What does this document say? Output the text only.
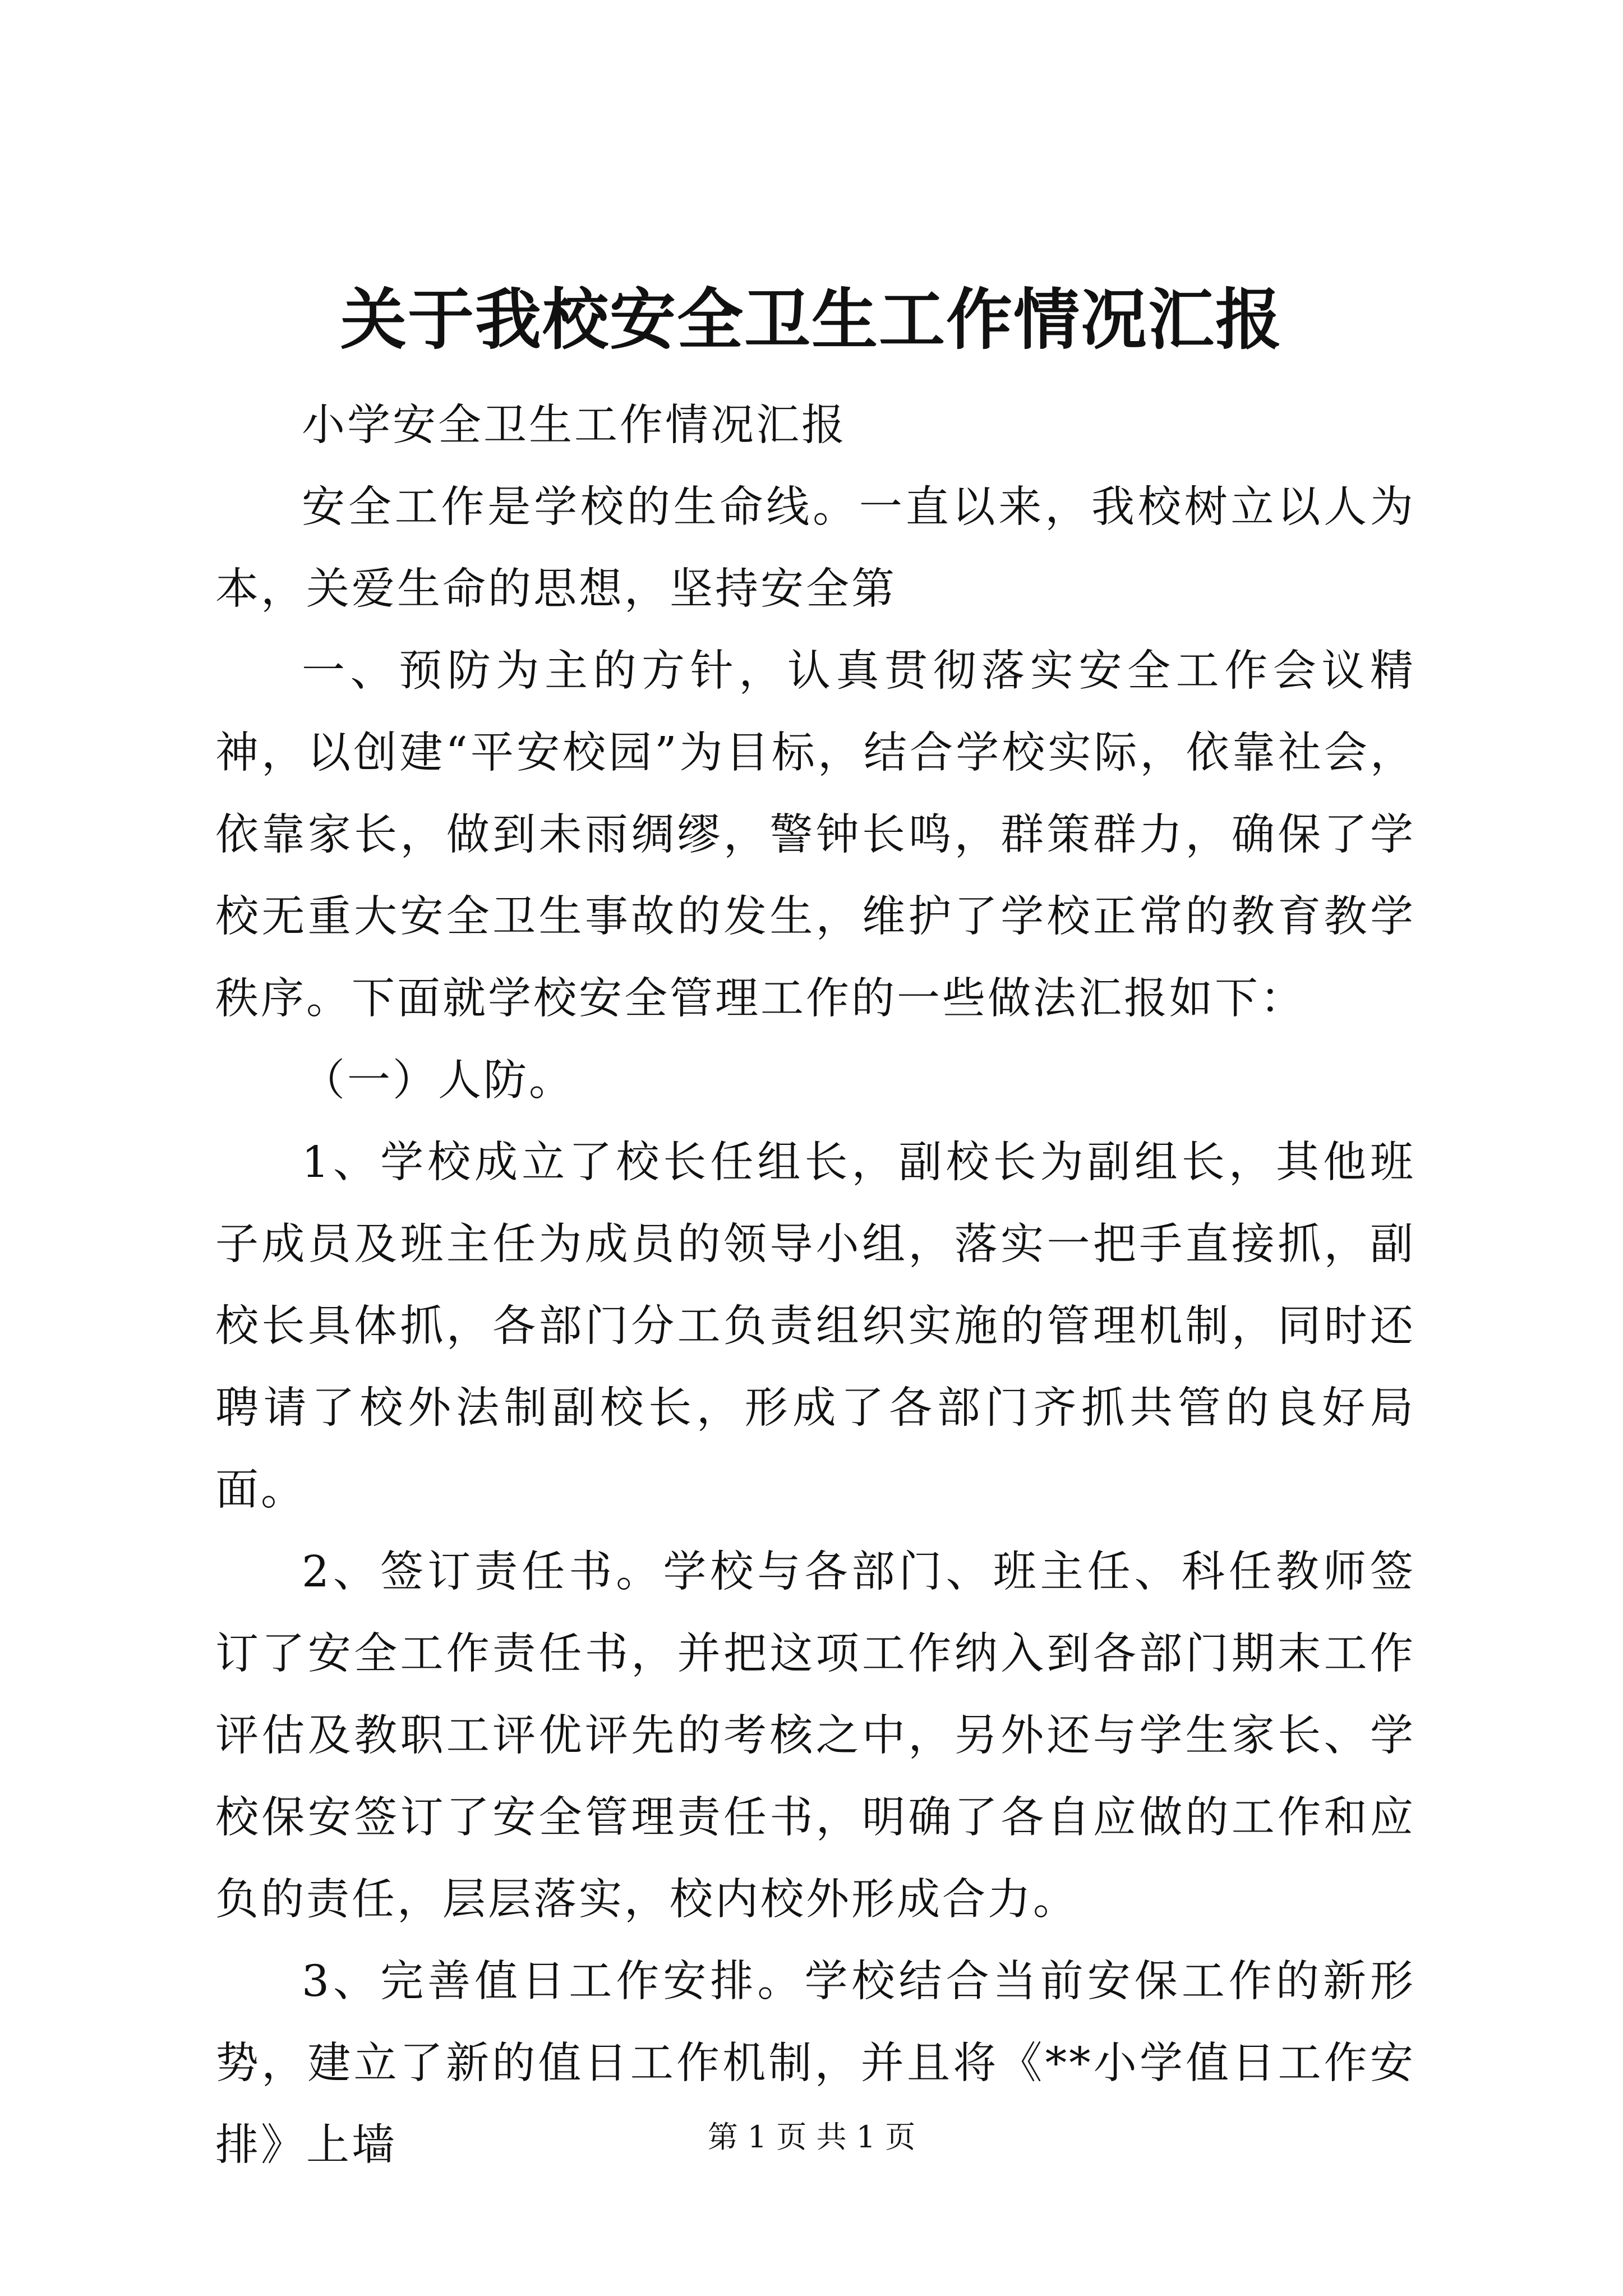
关于我校安全卫生工作情况汇报

小学安全卫生工作情况汇报

安全工作是学校的生命线。一直以来，我校树立以人为本，关爱生命的思想，坚持安全第

一、预防为主的方针，认真贯彻落实安全工作会议精神，以创建“平安校园”为目标，结合学校实际，依靠社会，依靠家长，做到未雨绸缪，警钟长鸣，群策群力，确保了学校无重大安全卫生事故的发生，维护了学校正常的教育教学秩序。下面就学校安全管理工作的一些做法汇报如下：

（一）人防。

1、学校成立了校长任组长，副校长为副组长，其他班子成员及班主任为成员的领导小组，落实一把手直接抓，副校长具体抓，各部门分工负责组织实施的管理机制，同时还聘请了校外法制副校长，形成了各部门齐抓共管的良好局面。

2、签订责任书。学校与各部门、班主任、科任教师签订了安全工作责任书，并把这项工作纳入到各部门期末工作评估及教职工评优评先的考核之中，另外还与学生家长、学校保安签订了安全管理责任书，明确了各自应做的工作和应负的责任，层层落实，校内校外形成合力。

3、完善值日工作安排。学校结合当前安保工作的新形势，建立了新的值日工作机制，并且将《**小学值日工作安排》上墙	第 1 页 共 1 页
